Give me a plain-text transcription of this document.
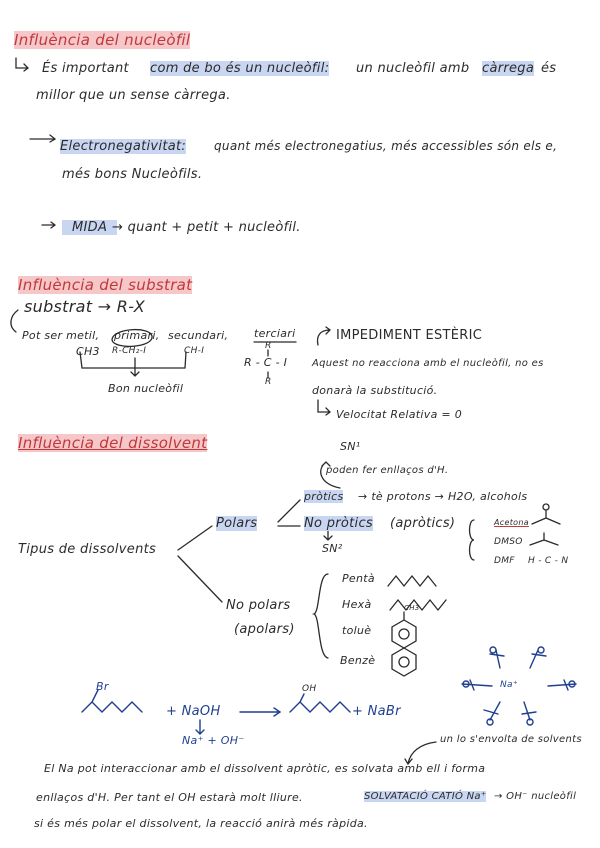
Influència del nucleòfil
És important com de bo és un nucleòfil: un nucleòfil amb càrrega és
millor que un sense càrrega.
Electronegativitat: quant més electronegatius, més accessibles són els e,
més bons Nucleòfils.
MIDA → quant + petit + nucleòfil.
Influència del substrat
substrat → R-X
Pot ser metil, primari, secundari, terciari
CH3 R-CH₂-I	CH-I
Bon nucleòfil
R
R - C - I
R
IMPEDIMENT ESTÈRIC
Aquest no reacciona amb el nucleòfil, no es
donarà la substitució.
Velocitat Relativa = 0
Influència del dissolvent	SN¹
poden fer enllaços d'H.
pròtics → tè protons → H2O, alcohols
Polars	No pròtics (apròtics)
SN²
Tipus de dissolvents
Acetona
DMSO
DMF H - C - N
No polars
(apolars)
Pentà
Hexà
toluè
Benzè
CH3
Br
+ NaOH
OH
+ NaBr
Na⁺ + OH⁻
Na⁺
un lo s'envolta de solvents
El Na pot interaccionar amb el dissolvent apròtic, es solvata amb ell i forma
enllaços d'H. Per tant el OH estarà molt lliure.	SOLVATACIÓ CATIÓ Na⁺ → OH⁻ nucleòfil
si és més polar el dissolvent, la reacció anirà més ràpida.
